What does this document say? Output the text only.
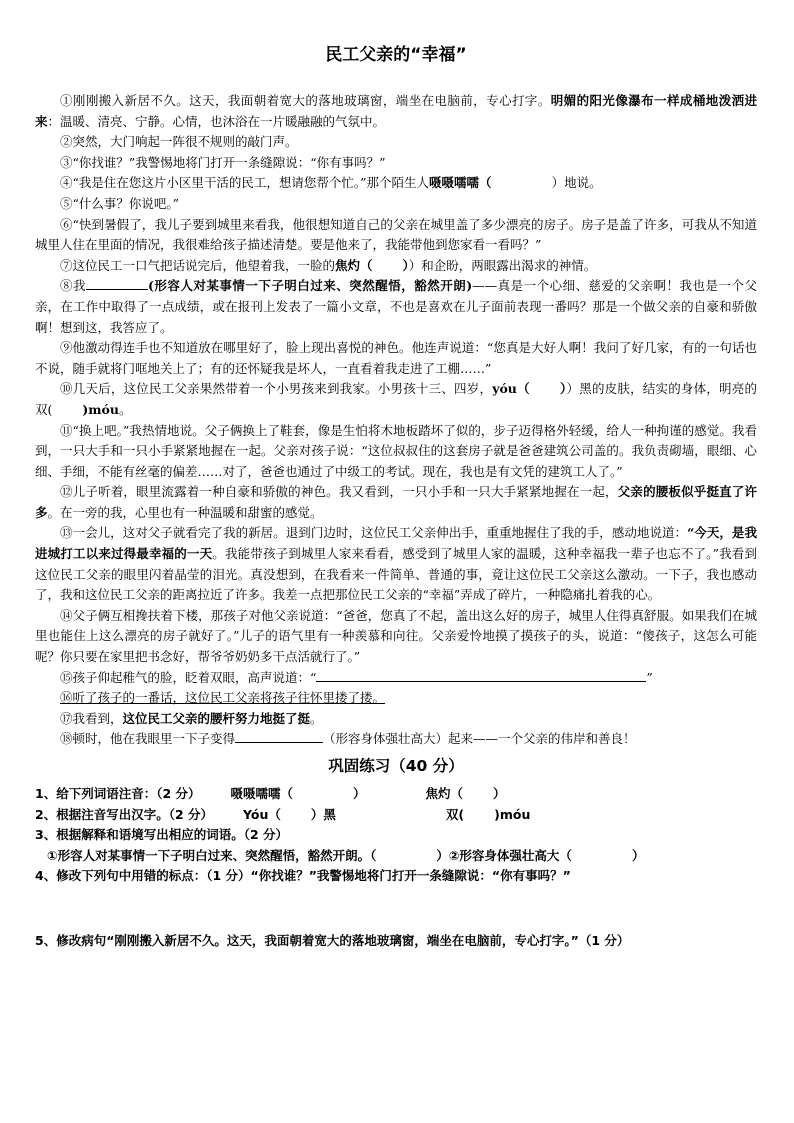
民工父亲的“幸福”

①刚刚搬入新居不久。这天，我面朝着宽大的落地玻璃窗，端坐在电脑前，专心打字。明媚的阳光像瀑布一样成桶地泼洒进来：温暖、清亮、宁静。心情，也沐浴在一片暖融融的气氛中。

②突然，大门响起一阵很不规则的敲门声。

③“你找谁？”我警惕地将门打开一条缝隙说：“你有事吗？”

④“我是住在您这片小区里干活的民工，想请您帮个忙。”那个陌生人嗫嗫嚅嚅（	）地说。

⑤“什么事？你说吧。”

⑥“快到暑假了，我儿子要到城里来看我，他很想知道自己的父亲在城里盖了多少漂亮的房子。房子是盖了许多，可我从不知道城里人住在里面的情况，我很难给孩子描述清楚。要是他来了，我能带他到您家看一看吗？”

⑦这位民工一口气把话说完后，他望着我，一脸的焦灼（ ））和企盼，两眼露出渴求的神情。

⑧我	(形容人对某事情一下子明白过来、突然醒悟，豁然开朗)——真是一个心细、慈爱的父亲啊！我也是一个父亲，在工作中取得了一点成绩，或在报刊上发表了一篇小文章，不也是喜欢在儿子面前表现一番吗？那是一个做父亲的自豪和骄傲啊！想到这，我答应了。

⑨他激动得连手也不知道放在哪里好了，脸上现出喜悦的神色。他连声说道：“您真是大好人啊！我问了好几家，有的一句话也不说，随手就将门哐地关上了；有的还怀疑我是坏人，一直看着我走进了工棚……”

⑩几天后，这位民工父亲果然带着一个小男孩来到我家。小男孩十三、四岁，yóu（ ））黑的皮肤，结实的身体，明亮的双( )móu。

⑪“换上吧。”我热情地说。父子俩换上了鞋套，像是生怕将木地板踏坏了似的，步子迈得格外轻缓，给人一种拘谨的感觉。我看到，一只大手和一只小手紧紧地握在一起。父亲对孩子说：“这位叔叔住的这套房子就是爸爸建筑公司盖的。我负责砌墙，眼细、心细、手细，不能有丝毫的偏差……对了，爸爸也通过了中级工的考试。现在，我也是有文凭的建筑工人了。”

⑫儿子听着，眼里流露着一种自豪和骄傲的神色。我又看到，一只小手和一只大手紧紧地握在一起，父亲的腰板似乎挺直了许多。在一旁的我，心里也有一种温暖和甜蜜的感觉。

⑬一会儿，这对父子就看完了我的新居。退到门边时，这位民工父亲伸出手，重重地握住了我的手，感动地说道：“今天，是我进城打工以来过得最幸福的一天。我能带孩子到城里人家来看看，感受到了城里人家的温暖，这种幸福我一辈子也忘不了。”我看到这位民工父亲的眼里闪着晶莹的泪光。真没想到，在我看来一件简单、普通的事，竟让这位民工父亲这么激动。一下子，我也感动了，我和这位民工父亲的距离拉近了许多。我差一点把那位民工父亲的“幸福”弄成了碎片，一种隐痛扎着我的心。

⑭父子俩互相搀扶着下楼，那孩子对他父亲说道：“爸爸，您真了不起，盖出这么好的房子，城里人住得真舒服。如果我们在城里也能住上这么漂亮的房子就好了。”儿子的语气里有一种羡慕和向往。父亲爱怜地摸了摸孩子的头，说道：“傻孩子，这怎么可能呢？你只要在家里把书念好，帮爷爷奶奶多干点活就行了。”

⑮孩子仰起稚气的脸，眨着双眼，高声说道：“	”

⑯听了孩子的一番话，这位民工父亲将孩子往怀里搂了搂。

⑰我看到，这位民工父亲的腰杆努力地挺了挺。

⑱顿时，他在我眼里一下子变得	（形容身体强壮高大）起来——一个父亲的伟岸和善良！

巩固练习（40 分）

1、给下列词语注音：（2 分） 嗫嗫嚅嚅（	）	焦灼（ ）

2、根据注音写出汉字。（2 分） Yóu（ ）黑	双( )móu

3、根据解释和语境写出相应的词语。（2 分）

①形容人对某事情一下子明白过来、突然醒悟，豁然开朗。（	）②形容身体强壮高大（	）

4、修改下列句中用错的标点：（1 分）“你找谁？”我警惕地将门打开一条缝隙说：“你有事吗？”

5、修改病句“刚刚搬入新居不久。这天，我面朝着宽大的落地玻璃窗，端坐在电脑前，专心打字。”（1 分）
